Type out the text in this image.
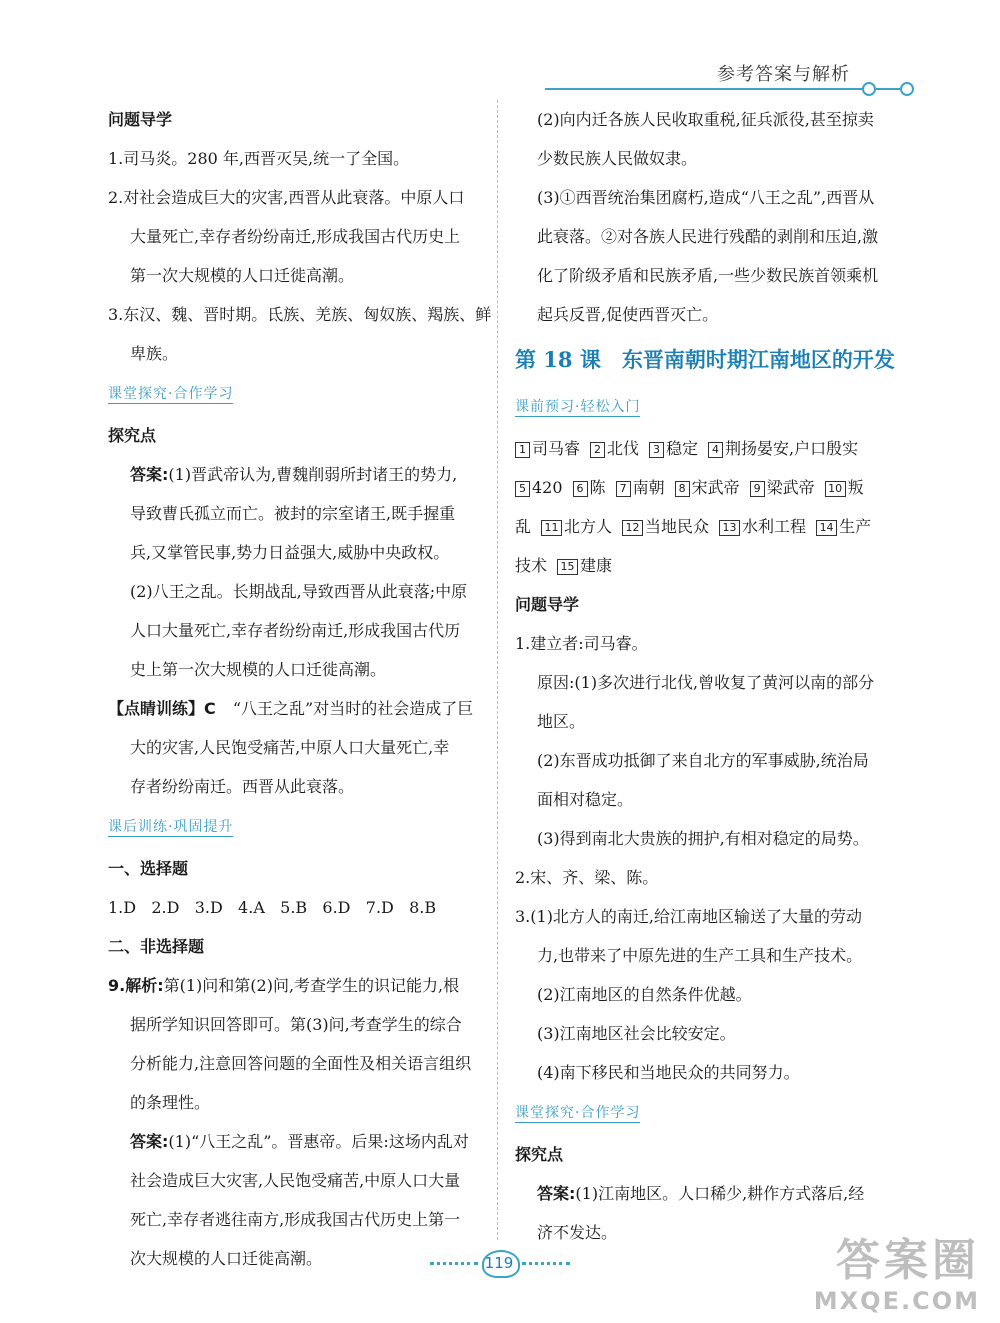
参考答案与解析
问题导学
1.司马炎。280 年,西晋灭吴,统一了全国。
2.对社会造成巨大的灾害,西晋从此衰落。中原人口
大量死亡,幸存者纷纷南迁,形成我国古代历史上
第一次大规模的人口迁徙高潮。
3.东汉、魏、晋时期。氐族、羌族、匈奴族、羯族、鲜
卑族。
课堂探究·合作学习
探究点
答案:(1)晋武帝认为,曹魏削弱所封诸王的势力,
导致曹氏孤立而亡。被封的宗室诸王,既手握重
兵,又掌管民事,势力日益强大,威胁中央政权。
(2)八王之乱。长期战乱,导致西晋从此衰落;中原
人口大量死亡,幸存者纷纷南迁,形成我国古代历
史上第一次大规模的人口迁徙高潮。
【点睛训练】C “八王之乱”对当时的社会造成了巨
大的灾害,人民饱受痛苦,中原人口大量死亡,幸
存者纷纷南迁。西晋从此衰落。
课后训练·巩固提升
一、选择题
1.D   2.D   3.D   4.A   5.B   6.D   7.D   8.B
二、非选择题
9.解析:第(1)问和第(2)问,考查学生的识记能力,根
据所学知识回答即可。第(3)问,考查学生的综合
分析能力,注意回答问题的全面性及相关语言组织
的条理性。
答案:(1)“八王之乱”。晋惠帝。后果:这场内乱对
社会造成巨大灾害,人民饱受痛苦,中原人口大量
死亡,幸存者逃往南方,形成我国古代历史上第一
次大规模的人口迁徙高潮。
(2)向内迁各族人民收取重税,征兵派役,甚至掠卖
少数民族人民做奴隶。
(3)①西晋统治集团腐朽,造成“八王之乱”,西晋从
此衰落。②对各族人民进行残酷的剥削和压迫,激
化了阶级矛盾和民族矛盾,一些少数民族首领乘机
起兵反晋,促使西晋灭亡。
第 18 课　东晋南朝时期江南地区的开发
课前预习·轻松入门
1 司马睿 2 北伐 3 稳定 4 荆扬晏安,户口殷实
5 420 6 陈 7 南朝 8 宋武帝 9 梁武帝 10 叛
乱 11 北方人 12 当地民众 13 水利工程 14 生产
技术 15 建康
问题导学
1.建立者:司马睿。
原因:(1)多次进行北伐,曾收复了黄河以南的部分
地区。
(2)东晋成功抵御了来自北方的军事威胁,统治局
面相对稳定。
(3)得到南北大贵族的拥护,有相对稳定的局势。
2.宋、齐、梁、陈。
3.(1)北方人的南迁,给江南地区输送了大量的劳动
力,也带来了中原先进的生产工具和生产技术。
(2)江南地区的自然条件优越。
(3)江南地区社会比较安定。
(4)南下移民和当地民众的共同努力。
课堂探究·合作学习
探究点
答案:(1)江南地区。人口稀少,耕作方式落后,经
济不发达。
119	答案圈
MXQE.COM
